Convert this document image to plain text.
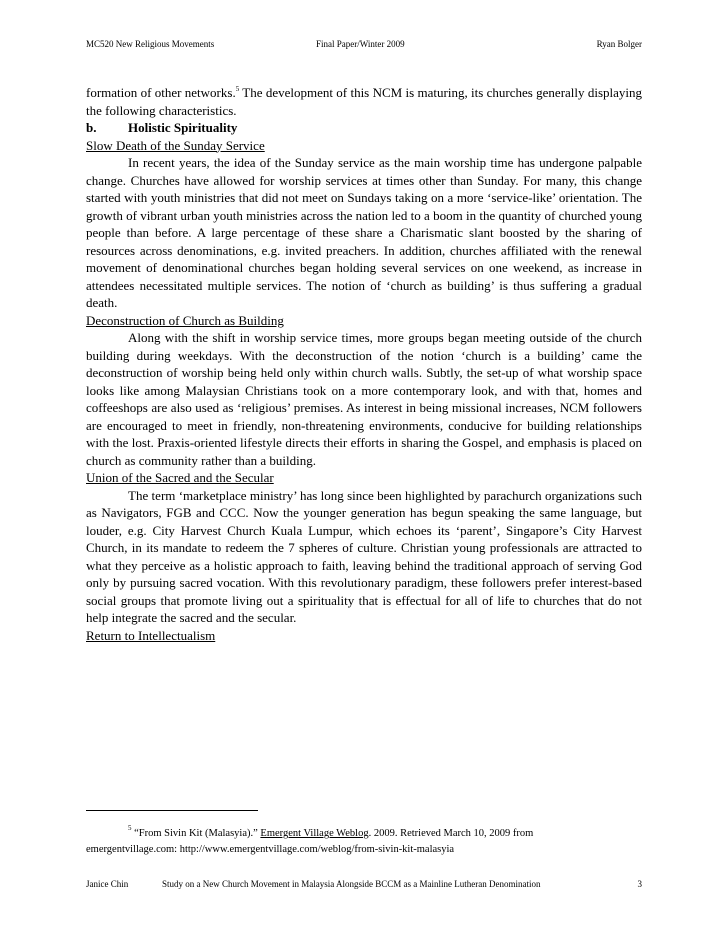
MC520 New Religious Movements	Final Paper/Winter 2009	Ryan Bolger

formation of other networks.$^5$ The development of this NCM is maturing, its churches generally displaying the following characteristics.

b. Holistic Spirituality

Slow Death of the Sunday Service

In recent years, the idea of the Sunday service as the main worship time has undergone palpable change. Churches have allowed for worship services at times other than Sunday. For many, this change started with youth ministries that did not meet on Sundays taking on a more ‘service-like’ orientation. The growth of vibrant urban youth ministries across the nation led to a boom in the quantity of churched young people than before. A large percentage of these share a Charismatic slant boosted by the sharing of resources across denominations, e.g. invited preachers. In addition, churches affiliated with the renewal movement of denominational churches began holding several services on one weekend, as increase in attendees necessitated multiple services. The notion of ‘church as building’ is thus suffering a gradual death.

Deconstruction of Church as Building

Along with the shift in worship service times, more groups began meeting outside of the church building during weekdays. With the deconstruction of the notion ‘church is a building’ came the deconstruction of worship being held only within church walls. Subtly, the set-up of what worship space looks like among Malaysian Christians took on a more contemporary look, and with that, homes and coffeeshops are also used as ‘religious’ premises. As interest in being missional increases, NCM followers are encouraged to meet in friendly, non-threatening environments, conducive for building relationships with the lost. Praxis-oriented lifestyle directs their efforts in sharing the Gospel, and emphasis is placed on church as community rather than a building.

Union of the Sacred and the Secular

The term ‘marketplace ministry’ has long since been highlighted by parachurch organizations such as Navigators, FGB and CCC. Now the younger generation has begun speaking the same language, but louder, e.g. City Harvest Church Kuala Lumpur, which echoes its ‘parent’, Singapore’s City Harvest Church, in its mandate to redeem the 7 spheres of culture. Christian young professionals are attracted to what they perceive as a holistic approach to faith, leaving behind the traditional approach of serving God only by pursuing sacred vocation. With this revolutionary paradigm, these followers prefer interest-based social groups that promote living out a spirituality that is effectual for all of life to churches that do not help integrate the sacred and the secular.

Return to Intellectualism

$^5$ “From Sivin Kit (Malasyia).” Emergent Village Weblog. 2009. Retrieved March 10, 2009 from
emergentvillage.com: http://www.emergentvillage.com/weblog/from-sivin-kit-malasyia
Janice Chin	Study on a New Church Movement in Malaysia Alongside BCCM as a Mainline Lutheran Denomination	3
